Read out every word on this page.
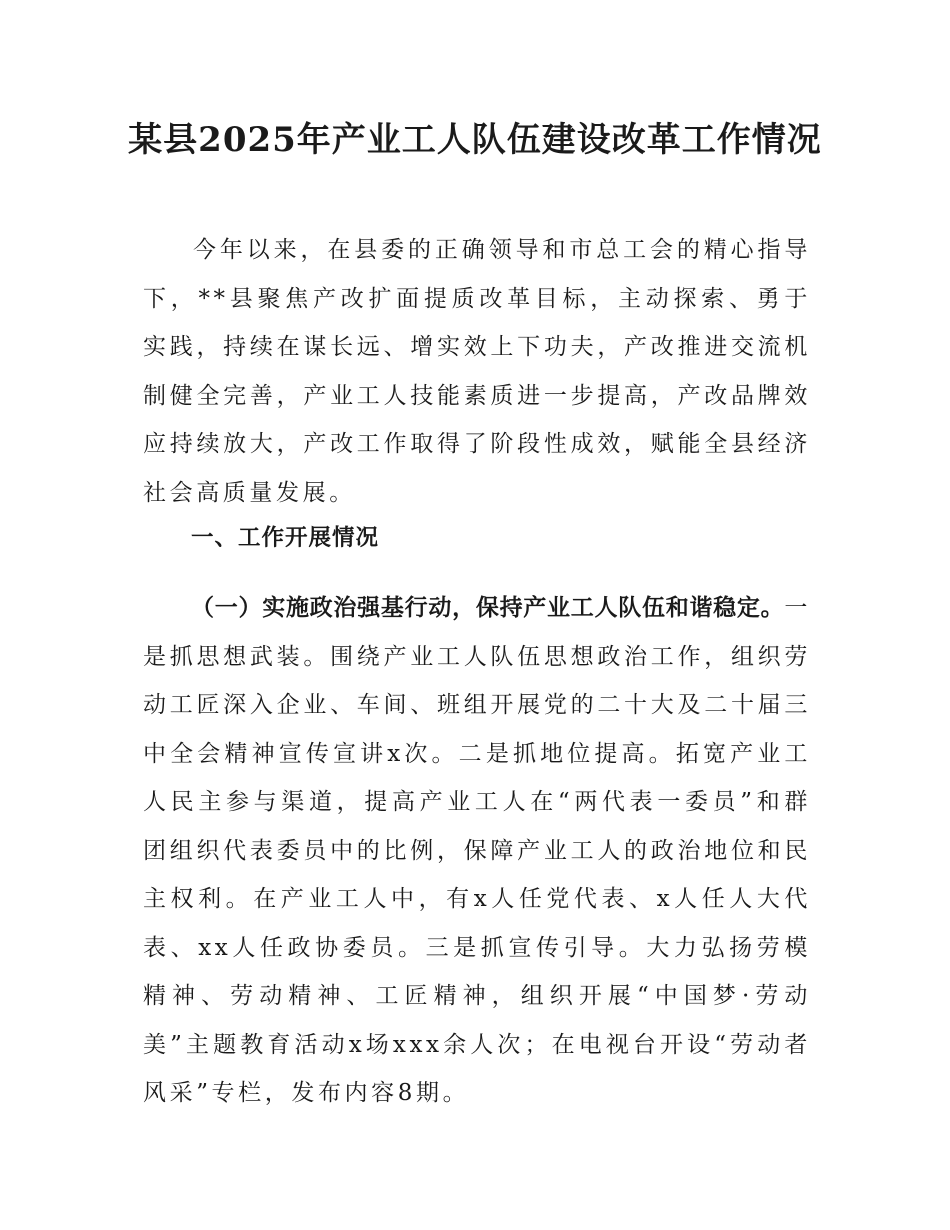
某县2025年产业工人队伍建设改革工作情况

今年以来，在县委的正确领导和市总工会的精心指导下，**县聚焦产改扩面提质改革目标，主动探索、勇于实践，持续在谋长远、增实效上下功夫，产改推进交流机制健全完善，产业工人技能素质进一步提高，产改品牌效应持续放大，产改工作取得了阶段性成效，赋能全县经济社会高质量发展。

一、工作开展情况

（一）实施政治强基行动，保持产业工人队伍和谐稳定。一是抓思想武装。围绕产业工人队伍思想政治工作，组织劳动工匠深入企业、车间、班组开展党的二十大及二十届三中全会精神宣传宣讲x次。二是抓地位提高。拓宽产业工人民主参与渠道，提高产业工人在“两代表一委员”和群团组织代表委员中的比例，保障产业工人的政治地位和民主权利。在产业工人中，有x人任党代表、x人任人大代表、xx人任政协委员。三是抓宣传引导。大力弘扬劳模精神、劳动精神、工匠精神，组织开展“中国梦·劳动美”主题教育活动x场xxx余人次；在电视台开设“劳动者风采”专栏，发布内容8期。
